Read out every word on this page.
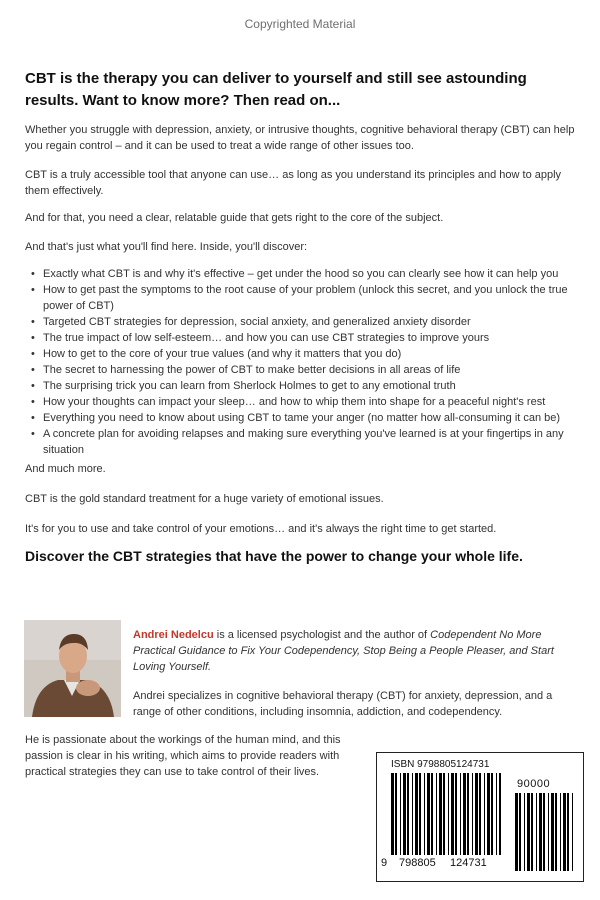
Copyrighted Material

CBT is the therapy you can deliver to yourself and still see astounding results. Want to know more? Then read on...

Whether you struggle with depression, anxiety, or intrusive thoughts, cognitive behavioral therapy (CBT) can help you regain control – and it can be used to treat a wide range of other issues too.

CBT is a truly accessible tool that anyone can use… as long as you understand its principles and how to apply them effectively.

And for that, you need a clear, relatable guide that gets right to the core of the subject.

And that's just what you'll find here. Inside, you'll discover:

• Exactly what CBT is and why it's effective – get under the hood so you can clearly see how it can help you
• How to get past the symptoms to the root cause of your problem (unlock this secret, and you unlock the true power of CBT)
• Targeted CBT strategies for depression, social anxiety, and generalized anxiety disorder
• The true impact of low self-esteem… and how you can use CBT strategies to improve yours
• How to get to the core of your true values (and why it matters that you do)
• The secret to harnessing the power of CBT to make better decisions in all areas of life
• The surprising trick you can learn from Sherlock Holmes to get to any emotional truth
• How your thoughts can impact your sleep… and how to whip them into shape for a peaceful night's rest
• Everything you need to know about using CBT to tame your anger (no matter how all-consuming it can be)
• A concrete plan for avoiding relapses and making sure everything you've learned is at your fingertips in any situation

And much more.

CBT is the gold standard treatment for a huge variety of emotional issues.

It's for you to use and take control of your emotions… and it's always the right time to get started.

Discover the CBT strategies that have the power to change your whole life.

Andrei Nedelcu is a licensed psychologist and the author of Codependent No More Practical Guidance to Fix Your Codependency, Stop Being a People Pleaser, and Start Loving Yourself.

Andrei specializes in cognitive behavioral therapy (CBT) for anxiety, depression, and a range of other conditions, including insomnia, addiction, and codependency.

He is passionate about the workings of the human mind, and this passion is clear in his writing, which aims to provide readers with practical strategies they can use to take control of their lives.

ISBN 9798805124731
90000
9 798805 124731
